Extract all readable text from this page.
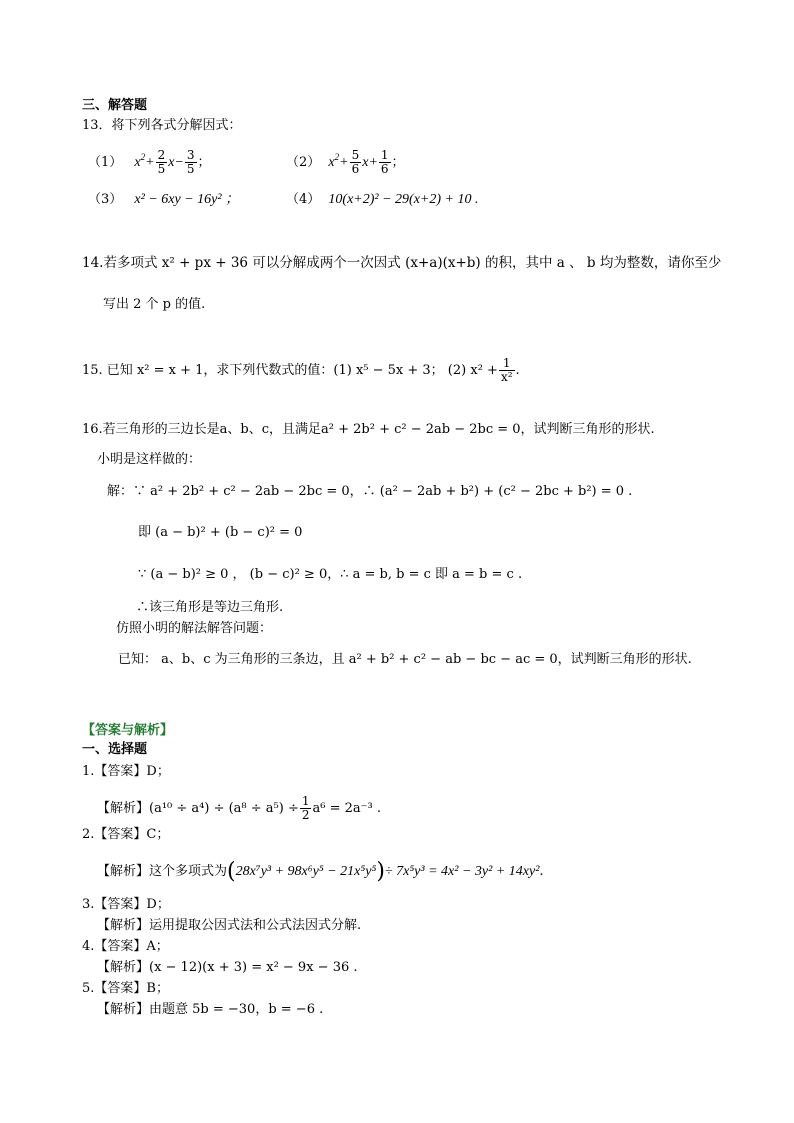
三、解答题
13．将下列各式分解因式：
（1） $x^2+ \frac{2}{5} x- \frac{3}{5}$ ；	（2） $x^2+ \frac{5}{6} x+ \frac{1}{6}$ ；
（3） x² − 6xy − 16y² ；	（4） 10(x+2)² − 29(x+2) + 10 .
14.若多项式 x² + px + 36 可以分解成两个一次因式 (x+a)(x+b) 的积，其中 a 、 b 均为整数，请你至少
写出 2 个 p 的值.
15. 已知 x² = x + 1，求下列代数式的值：(1) x⁵ − 5x + 3； (2) $x^2 + \frac{1}{\text{x²}}$ .
16.若三角形的三边长是a、b、c，且满足a² + 2b² + c² − 2ab − 2bc = 0，试判断三角形的形状.
小明是这样做的：
解：∵ a² + 2b² + c² − 2ab − 2bc = 0，∴ (a² − 2ab + b²) + (c² − 2bc + b²) = 0 .
即 (a − b)² + (b − c)² = 0
∵ (a − b)² ≥ 0 ， (b − c)² ≥ 0，∴ a = b, b = c 即 a = b = c .
∴该三角形是等边三角形.
仿照小明的解法解答问题：
已知： a、b、c 为三角形的三条边，且 a² + b² + c² − ab − bc − ac = 0，试判断三角形的形状.
【答案与解析】
一、选择题
1.【答案】D；
【解析】$(a^{10} \div a^4) \div (a^8 \div a^5) \div \frac{1}{2} a^6 = 2a^{-3}$ .
2.【答案】C；
【解析】这个多项式为(28x⁷y³ + 98x⁶y⁵ − 21x⁵y⁵)÷ 7x⁵y³ = 4x² − 3y² + 14xy².
3.【答案】D；
【解析】运用提取公因式法和公式法因式分解.
4.【答案】A；
【解析】(x − 12)(x + 3) = x² − 9x − 36 .
5.【答案】B；
【解析】由题意 5b = −30，b = −6 .
